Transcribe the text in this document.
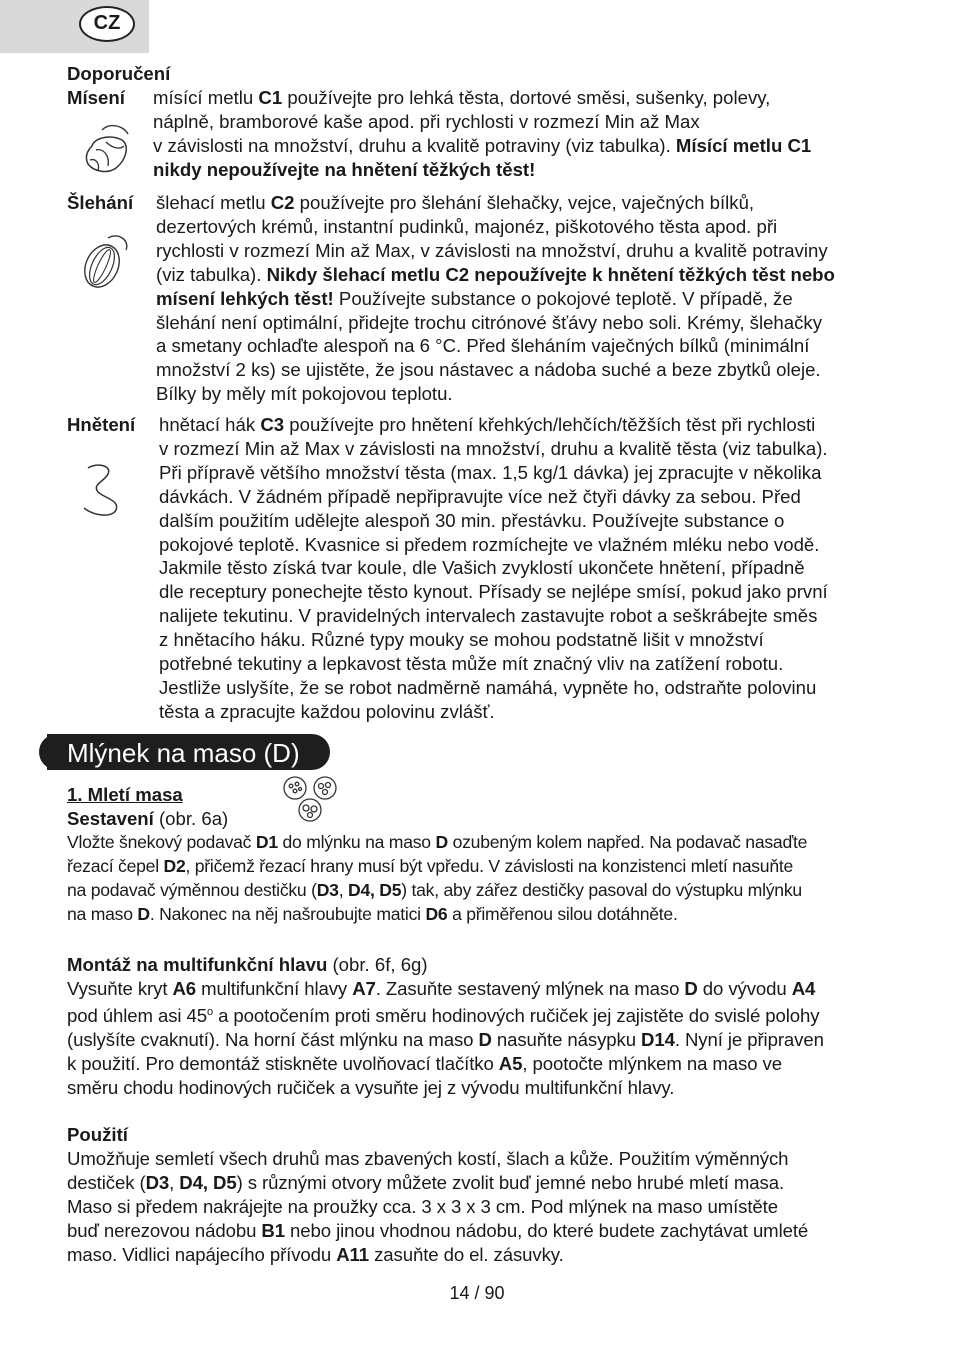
CZ
Doporučení
Mísení mísící metlu C1 používejte pro lehká těsta, dortové směsi, sušenky, polevy,

náplně, bramborové kaše apod. při rychlosti v rozmezí Min až Max

v závislosti na množství, druhu a kvalitě potraviny (viz tabulka). Mísící metlu C1

nikdy nepoužívejte na hnětení těžkých těst!

Šlehání šlehací metlu C2 používejte pro šlehání šlehačky, vejce, vaječných bílků,

dezertových krémů, instantní pudinků, majonéz, piškotového těsta apod. při

rychlosti v rozmezí Min až Max, v závislosti na množství, druhu a kvalitě potraviny

(viz tabulka). Nikdy šlehací metlu C2 nepoužívejte k hnětení těžkých těst nebo

mísení lehkých těst! Používejte substance o pokojové teplotě. V případě, že

šlehání není optimální, přidejte trochu citrónové šťávy nebo soli. Krémy, šlehačky

a smetany ochlaďte alespoň na 6 °C. Před šleháním vaječných bílků (minimální

množství 2 ks) se ujistěte, že jsou nástavec a nádoba suché a beze zbytků oleje.

Bílky by měly mít pokojovou teplotu.

Hnětení hnětací hák C3 používejte pro hnětení křehkých/lehčích/těžších těst při rychlosti

v rozmezí Min až Max v závislosti na množství, druhu a kvalitě těsta (viz tabulka).

Při přípravě většího množství těsta (max. 1,5 kg/1 dávka) jej zpracujte v několika

dávkách. V žádném případě nepřipravujte více než čtyři dávky za sebou. Před

dalším použitím udělejte alespoň 30 min. přestávku. Používejte substance o

pokojové teplotě. Kvasnice si předem rozmíchejte ve vlažném mléku nebo vodě.

Jakmile těsto získá tvar koule, dle Vašich zvyklostí ukončete hnětení, případně

dle receptury ponechejte těsto kynout. Přísady se nejlépe smísí, pokud jako první

nalijete tekutinu. V pravidelných intervalech zastavujte robot a seškrábejte směs

z hnětacího háku. Různé typy mouky se mohou podstatně lišit v množství

potřebné tekutiny a lepkavost těsta může mít značný vliv na zatížení robotu.

Jestliže uslyšíte, že se robot nadměrně namáhá, vypněte ho, odstraňte polovinu

těsta a zpracujte každou polovinu zvlášť.

Mlýnek na maso (D)
1. Mletí masa
Sestavení (obr. 6a)

Vložte šnekový podavač D1 do mlýnku na maso D ozubeným kolem napřed. Na podavač nasaďte

řezací čepel D2, přičemž řezací hrany musí být vpředu. V závislosti na konzistenci mletí nasuňte

na podavač výměnnou destičku (D3, D4, D5) tak, aby zářez destičky pasoval do výstupku mlýnku

na maso D. Nakonec na něj našroubujte matici D6 a přiměřenou silou dotáhněte.

Montáž na multifunkční hlavu (obr. 6f, 6g)

Vysuňte kryt A6 multifunkční hlavy A7. Zasuňte sestavený mlýnek na maso D do vývodu A4

pod úhlem asi 45$^o$ a pootočením proti směru hodinových ručiček jej zajistěte do svislé polohy

(uslyšíte cvaknutí). Na horní část mlýnku na maso D nasuňte násypku D14. Nyní je připraven

k použití. Pro demontáž stiskněte uvolňovací tlačítko A5, pootočte mlýnkem na maso ve

směru chodu hodinových ručiček a vysuňte jej z vývodu multifunkční hlavy.

Použití

Umožňuje semletí všech druhů mas zbavených kostí, šlach a kůže. Použitím výměnných

destiček (D3, D4, D5) s různými otvory můžete zvolit buď jemné nebo hrubé mletí masa.

Maso si předem nakrájejte na proužky cca. 3 x 3 x 3 cm. Pod mlýnek na maso umístěte

buď nerezovou nádobu B1 nebo jinou vhodnou nádobu, do které budete zachytávat umleté

maso. Vidlici napájecího přívodu A11 zasuňte do el. zásuvky.

14 / 90
